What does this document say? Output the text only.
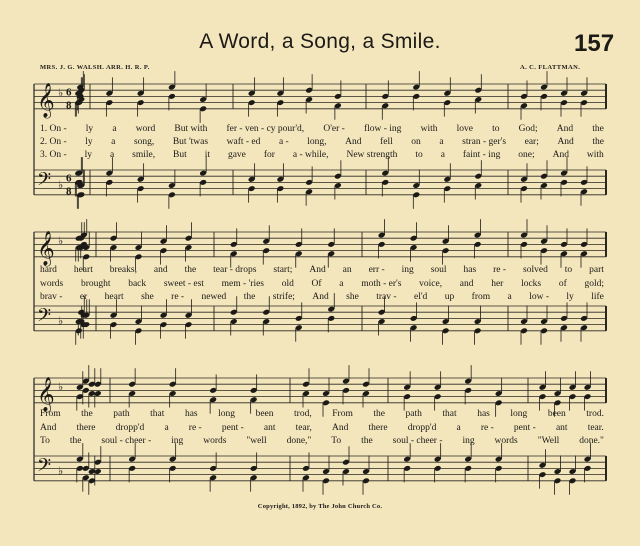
A Word, a Song, a Smile.	157
MRS. J. G. WALSH. ARR. H. R. P.	A. C. FLATTMAN.
1. On - ly a word But with fer - ven - cy pour'd, O'er - flow - ing with love to God; And the
2. On - ly a song, But 'twas waft - ed a - long, And fell on a stran - ger's ear; And the
3. On - ly a smile, But it gave for a - while, New strength to a faint - ing one; And with
hard heart breaks, and the tear - drops start; And an err - ing soul has re - solved to part
words brought back sweet - est mem - 'ries old Of a moth - er's voice, and her locks of gold;
brav - er heart she re - newed the strife; And she trav - el'd up from a low - ly life
From the path that has long been trod, From the path that has long been trod.
And there dropp'd a re - pent - ant tear, And there dropp'd a re - pent - ant tear.
To the soul - cheer - ing words "well done," To the soul - cheer - ing words "Well done."
Copyright, 1892, by The John Church Co.
𝄞 ♭
𝄢 ♭
𝄞 ♭
𝄢 ♭
𝄞 ♭
𝄢 ♭
6
8
6
8
